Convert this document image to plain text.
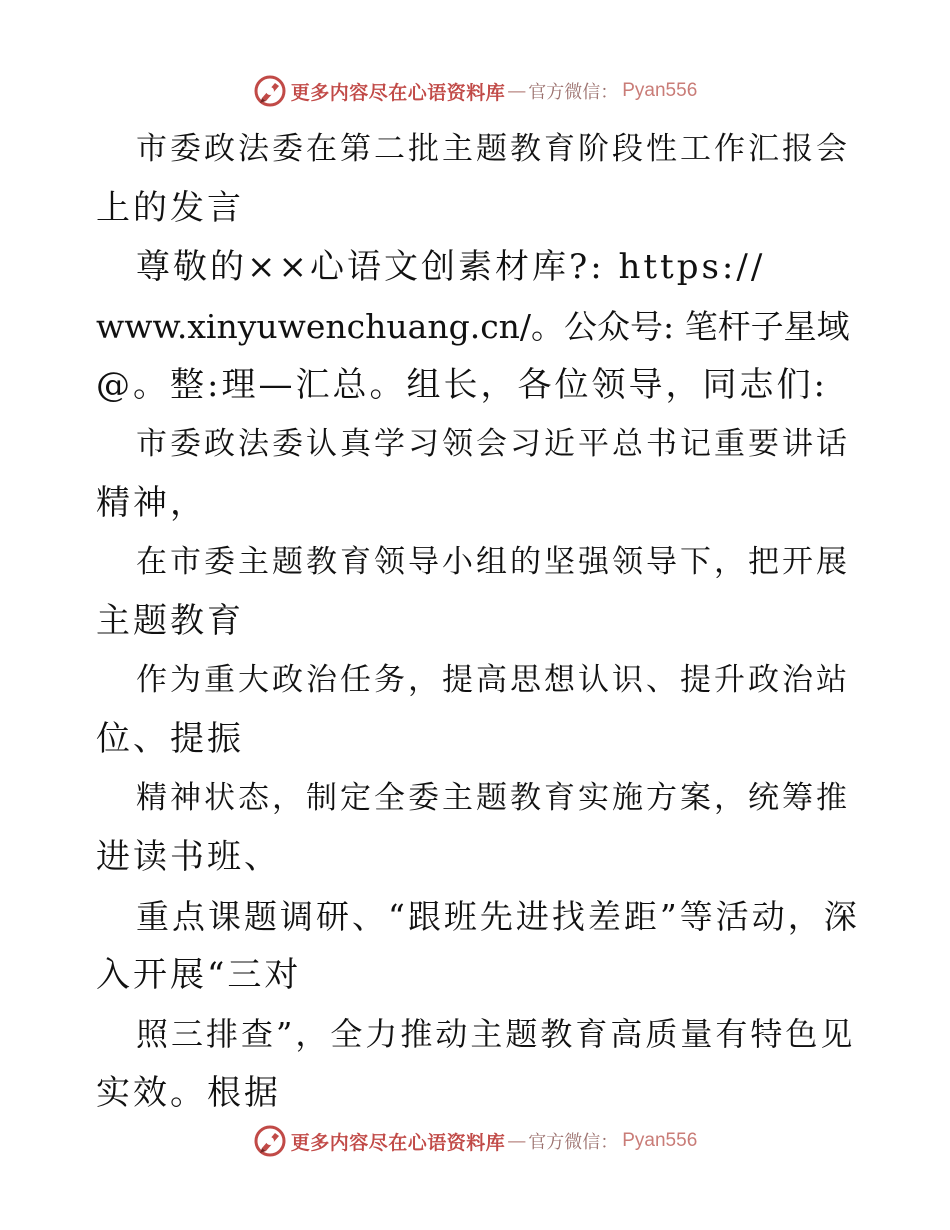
更多内容尽在心语资料库 — 官方微信： Pyan556
市委政法委在第二批主题教育阶段性工作汇报会
上的发言
尊敬的××心语文创素材库?: https://
www.xinyuwenchuang.cn/。公众号: 笔杆子星域
@。整:理—汇总。组长，各位领导，同志们:
市委政法委认真学习领会习近平总书记重要讲话
精神，
在市委主题教育领导小组的坚强领导下，把开展
主题教育
作为重大政治任务，提高思想认识、提升政治站
位、提振
精神状态，制定全委主题教育实施方案，统筹推
进读书班、
重点课题调研、“跟班先进找差距”等活动，深
入开展“三对
照三排查”，全力推动主题教育高质量有特色见
实效。根据
更多内容尽在心语资料库 — 官方微信： Pyan556
